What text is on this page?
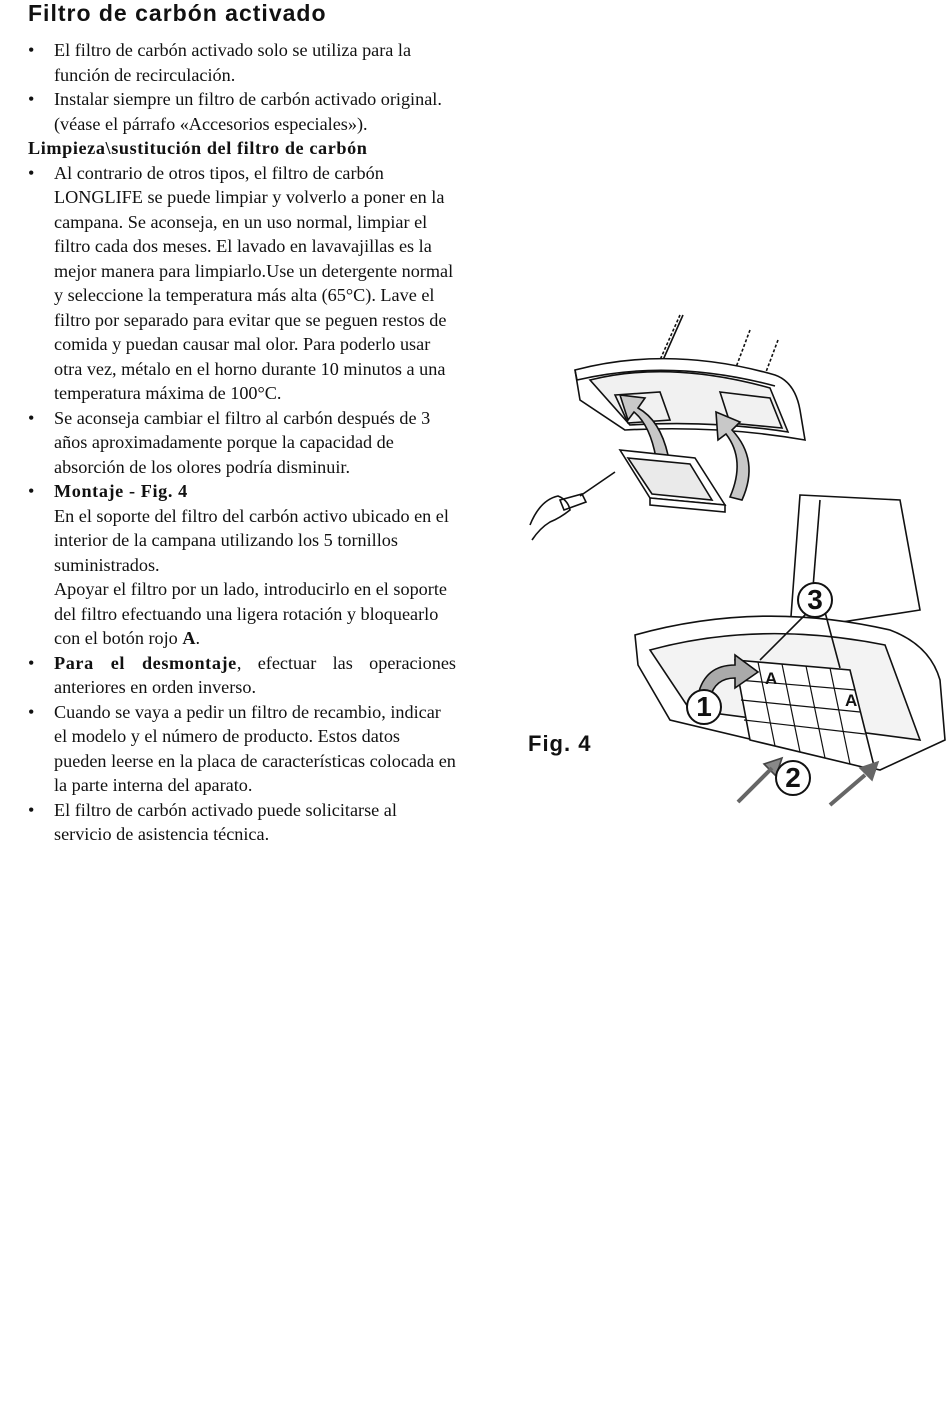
Filtro de carbón activado
• El filtro de carbón activado solo se utiliza para la función de recirculación.
• Instalar siempre un filtro de carbón activado original. (véase el párrafo «Accesorios especiales»).

Limpieza\sustitución del filtro de carbón

• Al contrario de otros tipos, el filtro de carbón LONGLIFE se puede limpiar y volverlo a poner en la campana. Se aconseja, en un uso normal, limpiar el filtro cada dos meses. El lavado en lavavajillas es la mejor manera para limpiarlo.Use un detergente normal y seleccione la temperatura más alta (65°C). Lave el filtro por separado para evitar que se peguen restos de comida y puedan causar mal olor. Para poderlo usar otra vez, métalo en el horno durante 10 minutos a una temperatura máxima de 100°C.
• Se aconseja cambiar el filtro al carbón después de 3 años aproximadamente porque la capacidad de absorción de los olores podría disminuir.
• Montaje - Fig. 4

En el soporte del filtro del carbón activo ubicado en el interior de la campana utilizando los 5 tornillos suministrados.

Apoyar el filtro por un lado, introducirlo en el soporte del filtro efectuando una ligera rotación y bloquearlo con el botón rojo A.

• Para el desmontaje, efectuar las operaciones anteriores en orden inverso.
• Cuando se vaya a pedir un filtro de recambio, indicar el modelo y el número de producto. Estos datos pueden leerse en la placa de características colocada en la parte interna del aparato.
• El filtro de carbón activado puede solicitarse al servicio de asistencia técnica.
1
2
3
A
A
Fig. 4
